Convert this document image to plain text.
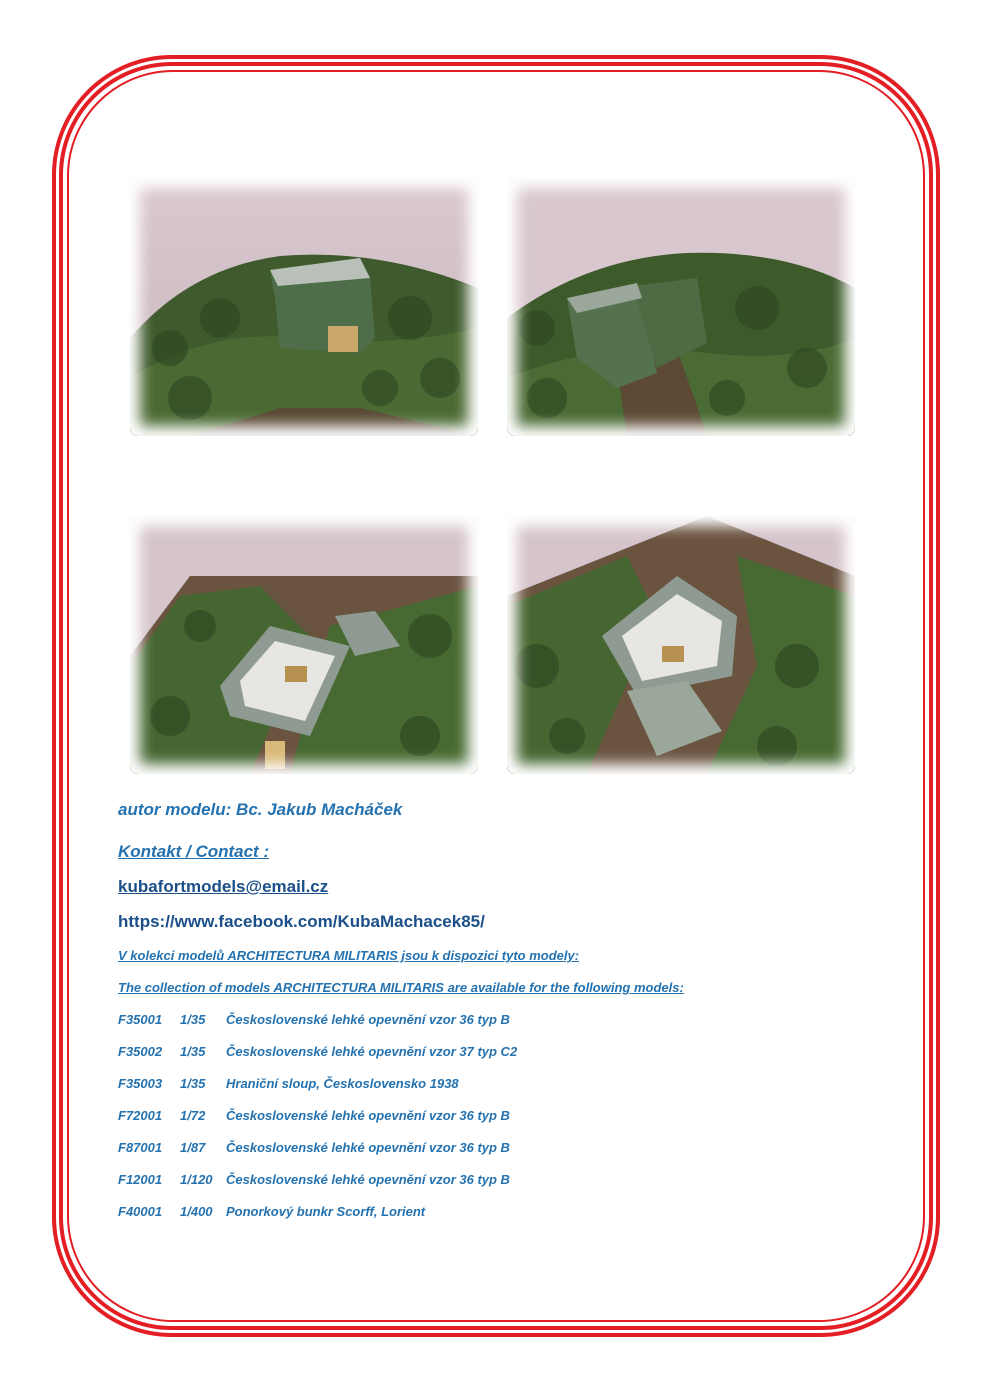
autor modelu: Bc. Jakub Macháček

Kontakt / Contact :

kubafortmodels@email.cz

https://www.facebook.com/KubaMachacek85/

V kolekci modelů ARCHITECTURA MILITARIS jsou k dispozici tyto modely:

The collection of models ARCHITECTURA MILITARIS are available for the following models:

F35001	1/35	Československé lehké opevnění vzor 36 typ B
F35002	1/35	Československé lehké opevnění vzor 37 typ C2
F35003	1/35	Hraniční sloup, Československo 1938
F72001	1/72	Československé lehké opevnění vzor 36 typ B
F87001	1/87	Československé lehké opevnění vzor 36 typ B
F12001	1/120	Československé lehké opevnění vzor 36 typ B
F40001	1/400	Ponorkový bunkr Scorff, Lorient
